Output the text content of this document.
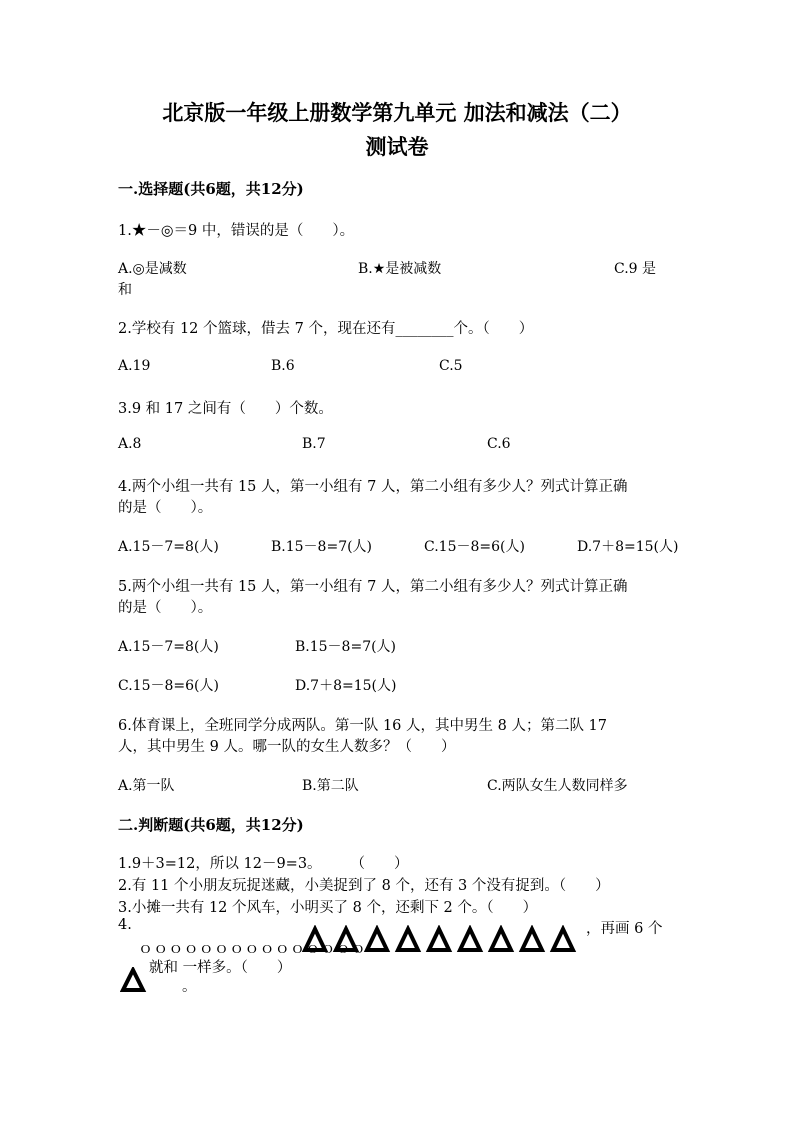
北京版一年级上册数学第九单元 加法和减法（二）
测试卷
一.选择题(共6题，共12分)
1.★－◎＝9 中，错误的是（　　）。
A.◎是减数	B.★是被减数	C.9 是
和
2.学校有 12 个篮球，借去 7 个，现在还有________个。（　　）
A.19	B.6	C.5
3.9 和 17 之间有（　　）个数。
A.8	B.7	C.6
4.两个小组一共有 15 人，第一小组有 7 人，第二小组有多少人？列式计算正确
的是（　　）。
A.15－7=8(人)	B.15－8=7(人)	C.15－8=6(人)	D.7＋8=15(人)
5.两个小组一共有 15 人，第一小组有 7 人，第二小组有多少人？列式计算正确
的是（　　）。
A.15－7=8(人)	B.15－8=7(人)
C.15－8=6(人)	D.7＋8=15(人)
6.体育课上，全班同学分成两队。第一队 16 人，其中男生 8 人；第二队 17
人，其中男生 9 人。哪一队的女生人数多？（　　）
A.第一队	B.第二队	C.两队女生人数同样多
二.判断题(共6题，共12分)
1.9＋3=12，所以 12－9=3。　　　（　　）
2.有 11 个小朋友玩捉迷藏，小美捉到了 8 个，还有 3 个没有捉到。（　　）
3.小摊一共有 12 个风车，小明买了 8 个，还剩下 2 个。（　　）
4.
ｏｏｏｏｏｏｏｏｏｏｏｏｏｏｏ
，再画 6 个
就和 一样多。（　　）
。
